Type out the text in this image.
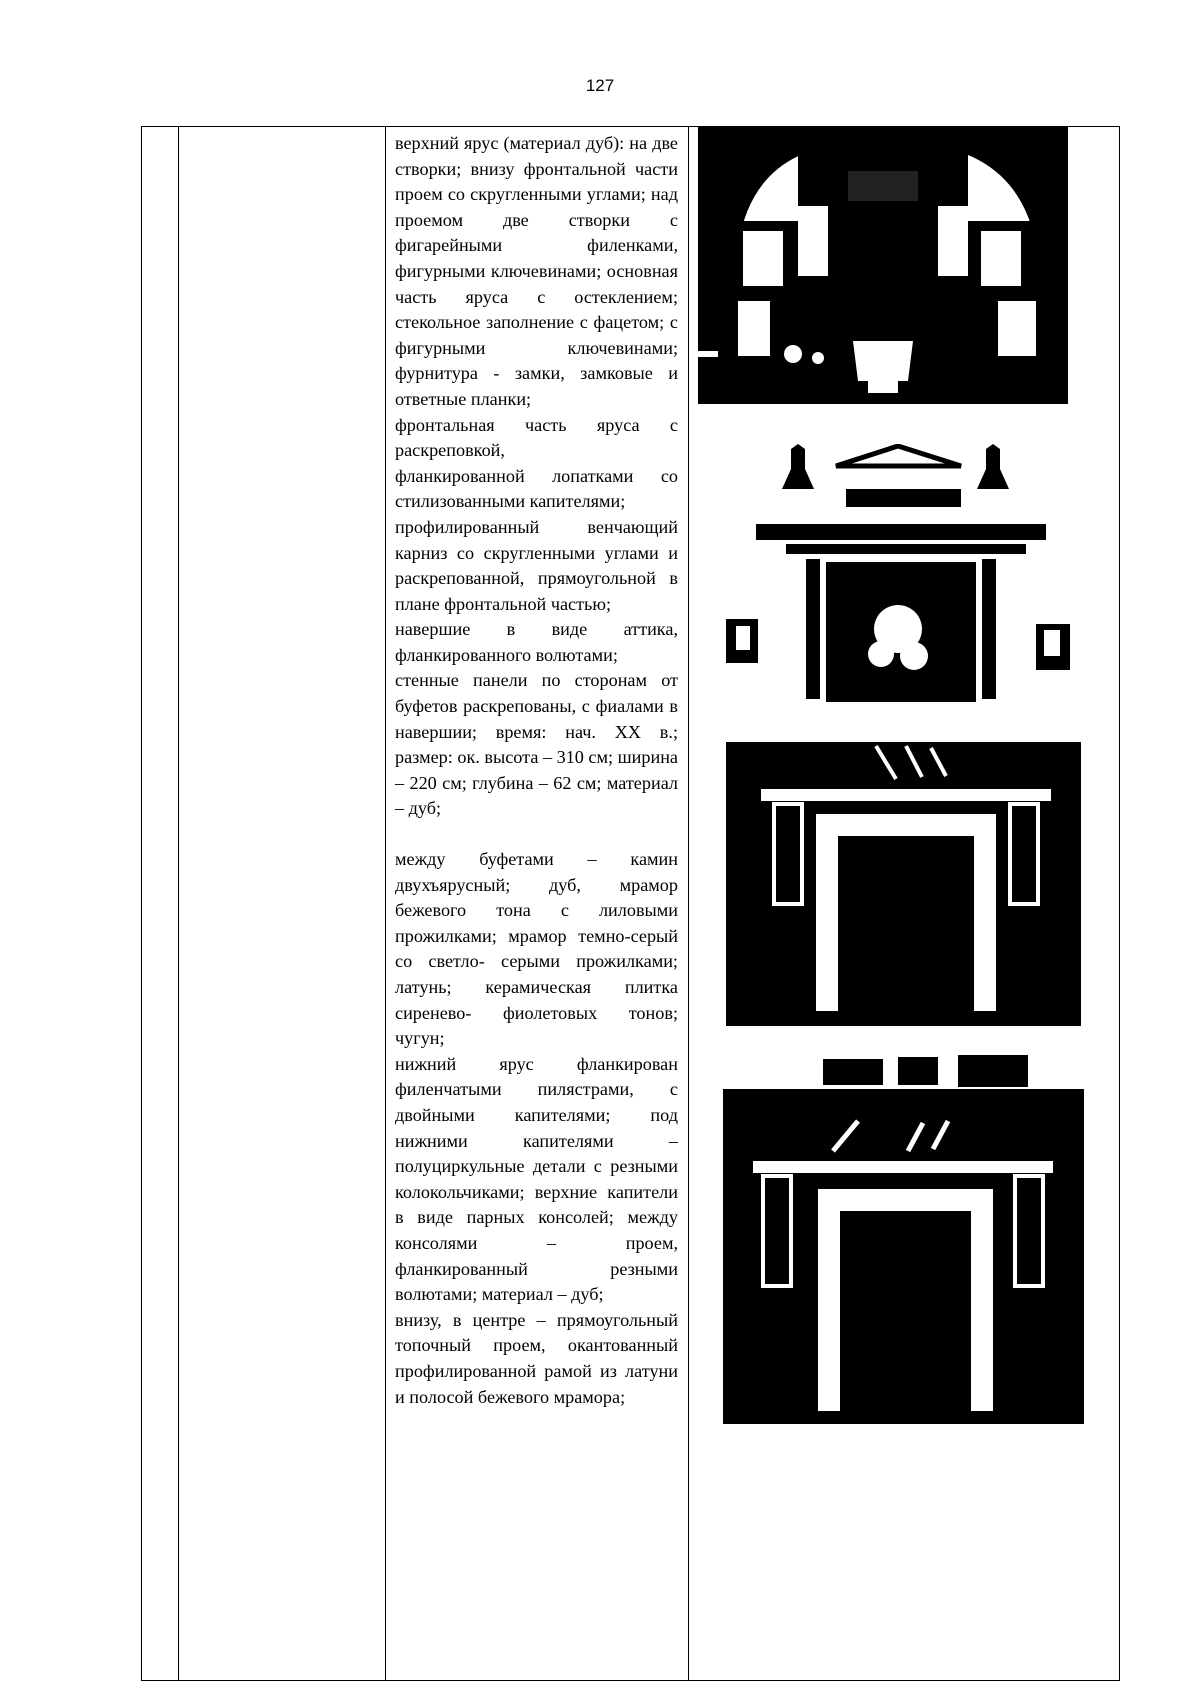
127

верхний ярус (материал дуб): на две створки; внизу фронтальной части проем со скругленными углами; над проемом две створки с фигарейными филенками, фигурными ключевинами; основная часть яруса с остеклением; стекольное заполнение с фацетом; с фигурными ключевинами; фурнитура - замки, замковые и ответные планки;

фронтальная часть яруса с раскреповкой,

фланкированной лопатками со стилизованными капителями;

профилированный венчающий карниз со скругленными углами и раскрепованной, прямоугольной в плане фронтальной частью;

навершие в виде аттика, фланкированного волютами;

стенные панели по сторонам от буфетов раскрепованы, с фиалами в навершии; время: нач. XX в.; размер: ок. высота – 310 см; ширина – 220 см; глубина – 62 см; материал – дуб;

между буфетами – камин двухъярусный; дуб, мрамор бежевого тона с лиловыми прожилками; мрамор темно-серый со светло- серыми прожилками; латунь; керамическая плитка сиренево- фиолетовых тонов; чугун;

нижний ярус фланкирован филенчатыми пилястрами, с двойными капителями; под нижними капителями – полуциркульные детали с резными колокольчиками; верхние капители в виде парных консолей; между консолями – проем, фланкированный резными волютами; материал – дуб;

внизу, в центре – прямоугольный топочный проем, окантованный профилированной рамой из латуни и полосой бежевого мрамора;
